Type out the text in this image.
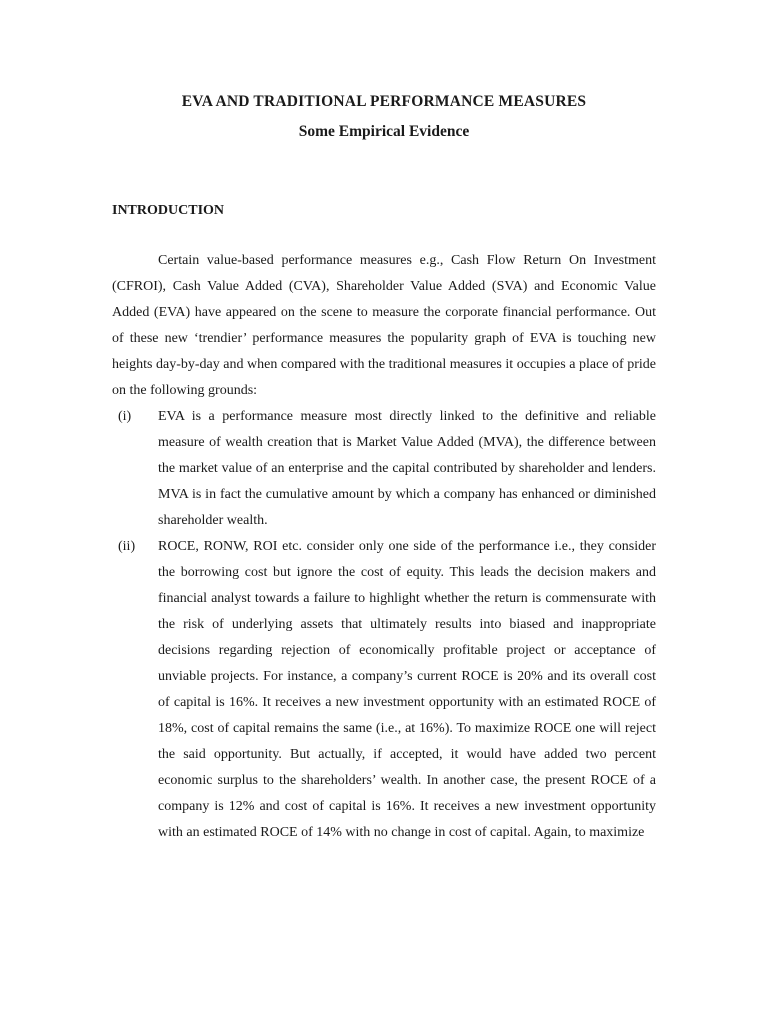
EVA AND TRADITIONAL PERFORMANCE MEASURES
Some Empirical Evidence
INTRODUCTION

Certain value-based performance measures e.g., Cash Flow Return On Investment (CFROI), Cash Value Added (CVA), Shareholder Value Added (SVA) and Economic Value Added (EVA) have appeared on the scene to measure the corporate financial performance. Out of these new ‘trendier’ performance measures the popularity graph of EVA is touching new heights day-by-day and when compared with the traditional measures it occupies a place of pride on the following grounds:

(i) EVA is a performance measure most directly linked to the definitive and reliable measure of wealth creation that is Market Value Added (MVA), the difference between the market value of an enterprise and the capital contributed by shareholder and lenders. MVA is in fact the cumulative amount by which a company has enhanced or diminished shareholder wealth.
(ii) ROCE, RONW, ROI etc. consider only one side of the performance i.e., they consider the borrowing cost but ignore the cost of equity. This leads the decision makers and financial analyst towards a failure to highlight whether the return is commensurate with the risk of underlying assets that ultimately results into biased and inappropriate decisions regarding rejection of economically profitable project or acceptance of unviable projects. For instance, a company’s current ROCE is 20% and its overall cost of capital is 16%. It receives a new investment opportunity with an estimated ROCE of 18%, cost of capital remains the same (i.e., at 16%). To maximize ROCE one will reject the said opportunity. But actually, if accepted, it would have added two percent economic surplus to the shareholders’ wealth. In another case, the present ROCE of a company is 12% and cost of capital is 16%. It receives a new investment opportunity with an estimated ROCE of 14% with no change in cost of capital. Again, to maximize
